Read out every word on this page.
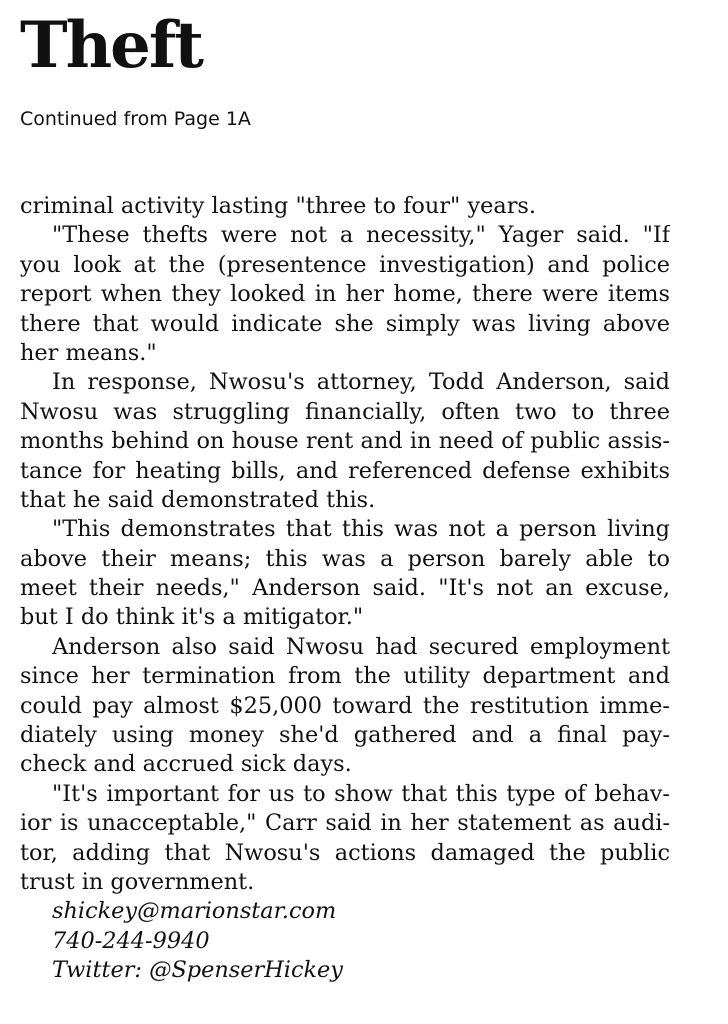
Theft

Continued from Page 1A

criminal activity lasting "three to four" years.
"These thefts were not a necessity," Yager said. "If
you look at the (presentence investigation) and police
report when they looked in her home, there were items
there that would indicate she simply was living above
her means."
In response, Nwosu's attorney, Todd Anderson, said
Nwosu was struggling financially, often two to three
months behind on house rent and in need of public assis-
tance for heating bills, and referenced defense exhibits
that he said demonstrated this.
"This demonstrates that this was not a person living
above their means; this was a person barely able to
meet their needs," Anderson said. "It's not an excuse,
but I do think it's a mitigator."
Anderson also said Nwosu had secured employment
since her termination from the utility department and
could pay almost $25,000 toward the restitution imme-
diately using money she'd gathered and a final pay-
check and accrued sick days.
"It's important for us to show that this type of behav-
ior is unacceptable," Carr said in her statement as audi-
tor, adding that Nwosu's actions damaged the public
trust in government.
shickey@marionstar.com
740-244-9940
Twitter: @SpenserHickey
